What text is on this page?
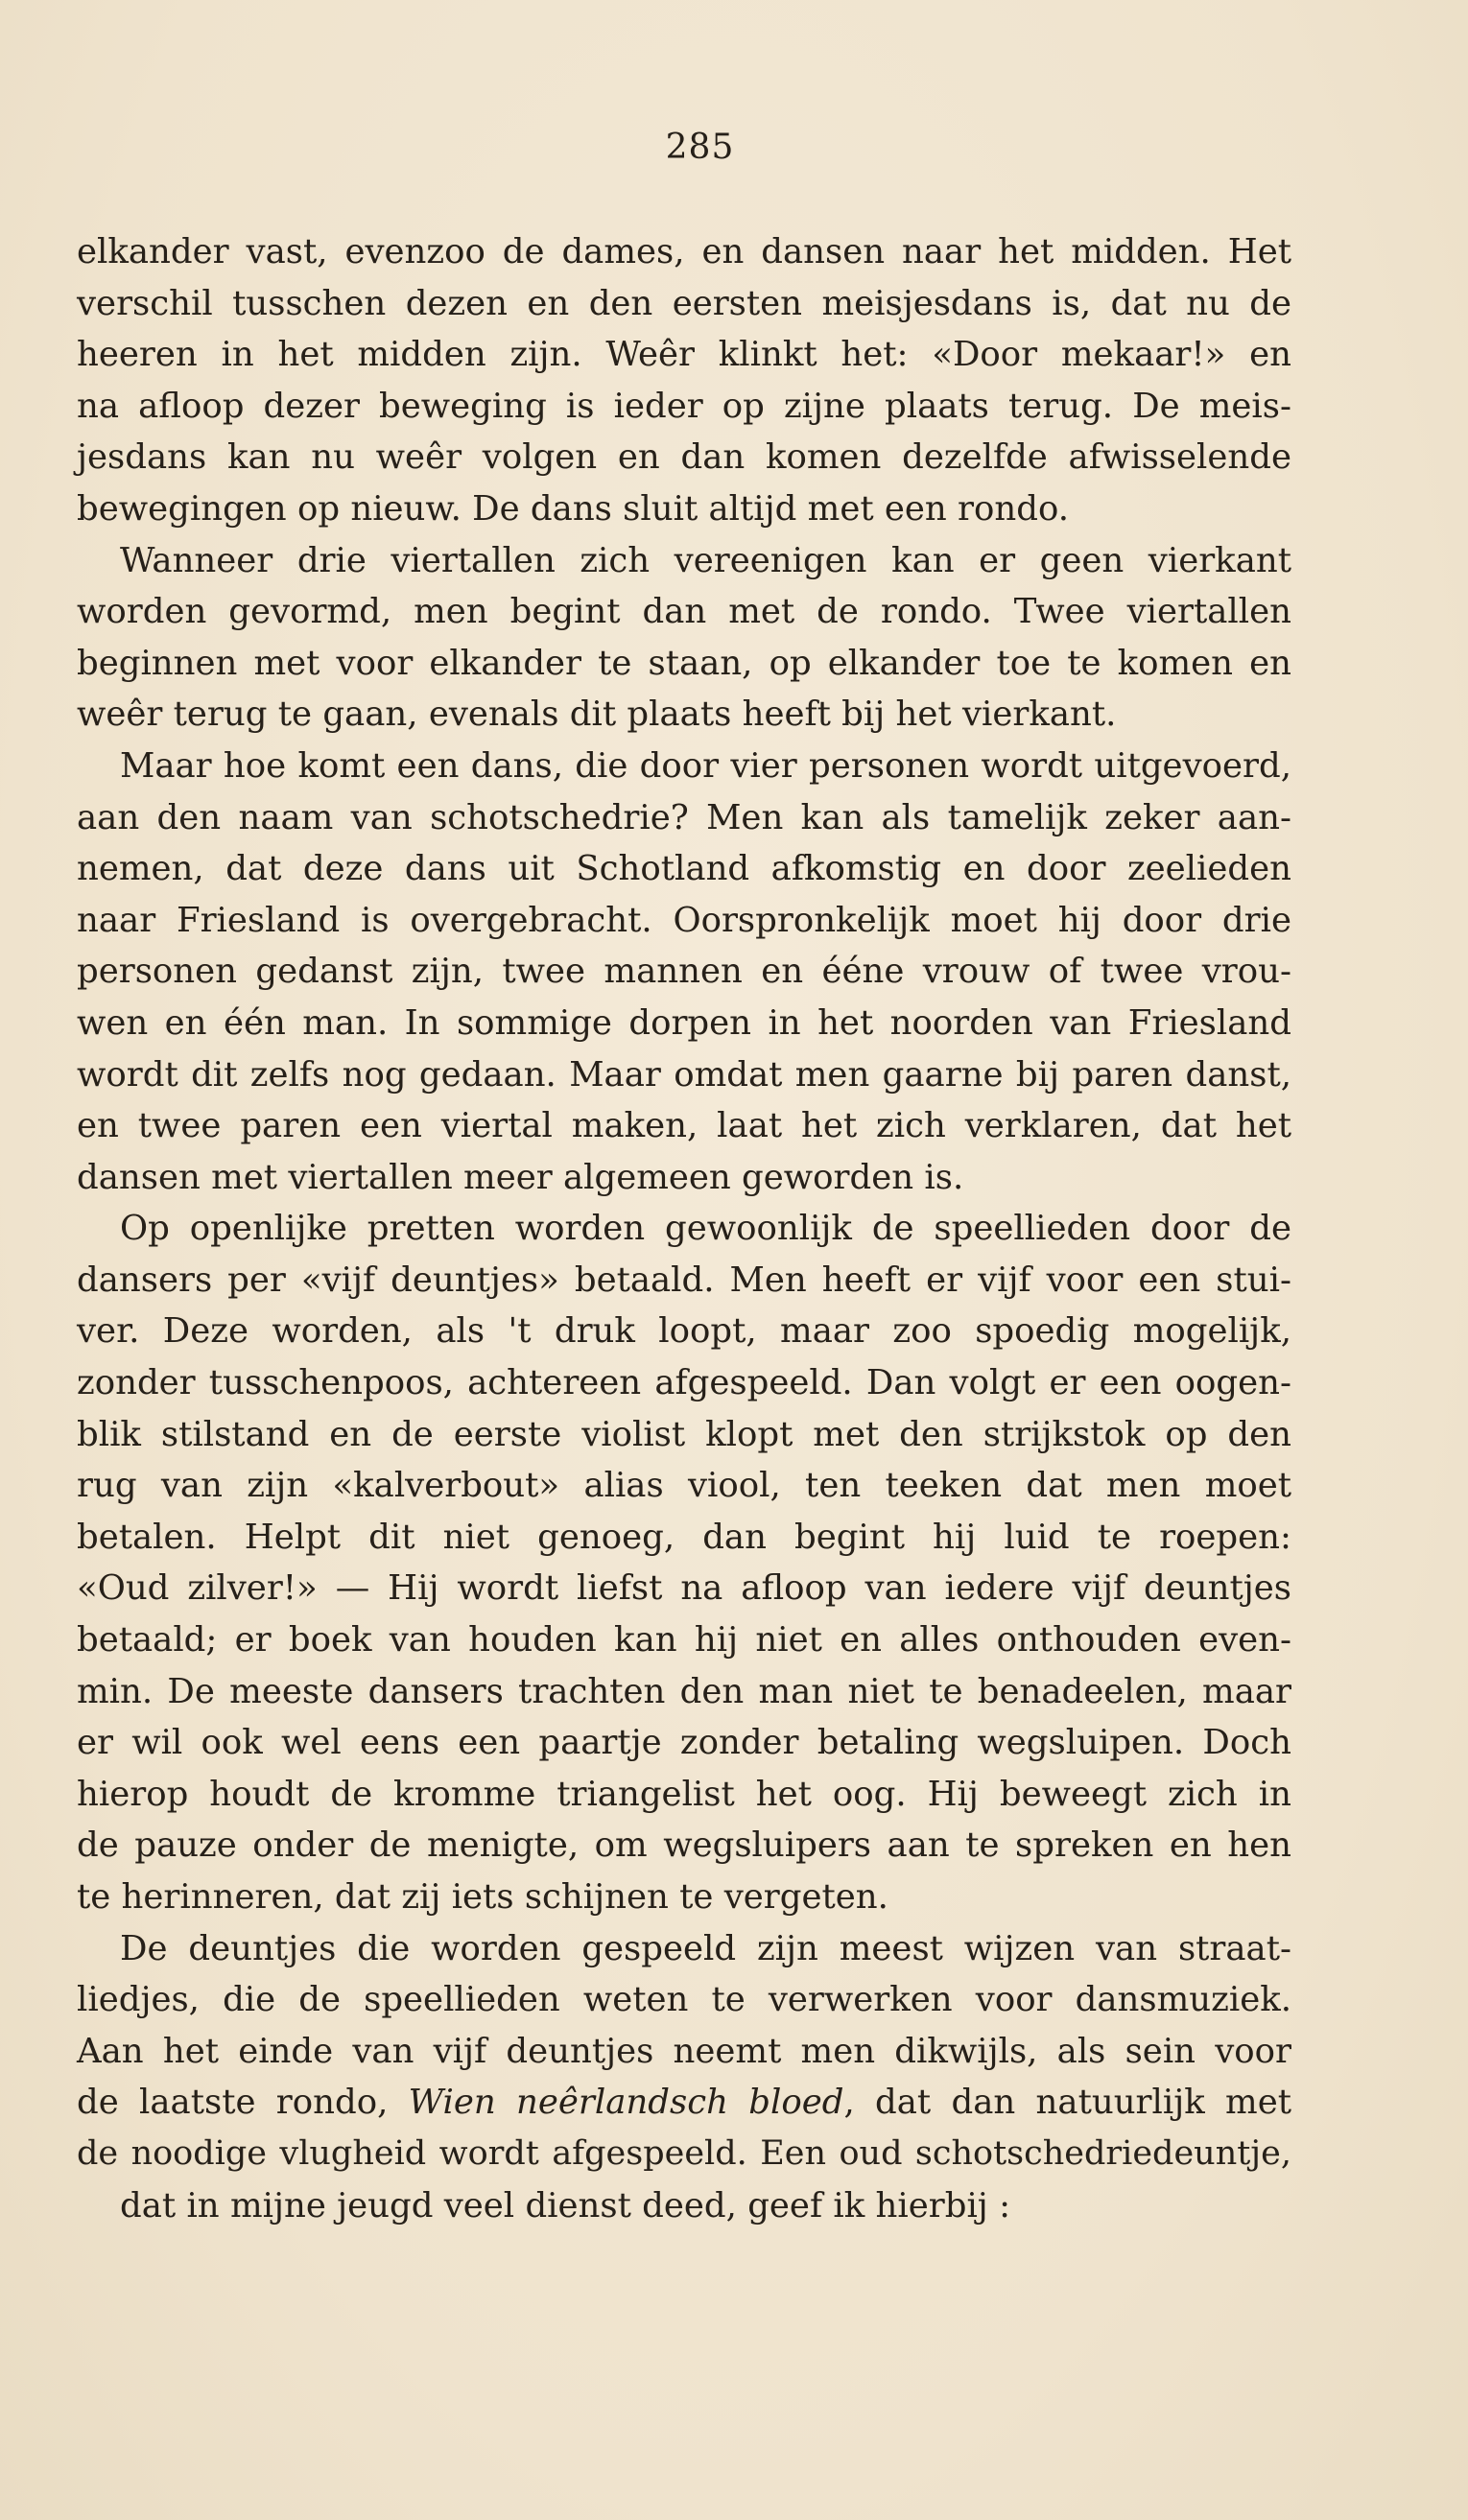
285
elkander vast, evenzoo de dames, en dansen naar het midden. Het
verschil tusschen dezen en den eersten meisjesdans is, dat nu de
heeren in het midden zijn. Weêr klinkt het: «Door mekaar!» en
na afloop dezer beweging is ieder op zijne plaats terug. De meis-
jesdans kan nu weêr volgen en dan komen dezelfde afwisselende
bewegingen op nieuw. De dans sluit altijd met een rondo.
Wanneer drie viertallen zich vereenigen kan er geen vierkant
worden gevormd, men begint dan met de rondo. Twee viertallen
beginnen met voor elkander te staan, op elkander toe te komen en
weêr terug te gaan, evenals dit plaats heeft bij het vierkant.
Maar hoe komt een dans, die door vier personen wordt uitgevoerd,
aan den naam van schotschedrie? Men kan als tamelijk zeker aan-
nemen, dat deze dans uit Schotland afkomstig en door zeelieden
naar Friesland is overgebracht. Oorspronkelijk moet hij door drie
personen gedanst zijn, twee mannen en ééne vrouw of twee vrou-
wen en één man. In sommige dorpen in het noorden van Friesland
wordt dit zelfs nog gedaan. Maar omdat men gaarne bij paren danst,
en twee paren een viertal maken, laat het zich verklaren, dat het
dansen met viertallen meer algemeen geworden is.
Op openlijke pretten worden gewoonlijk de speellieden door de
dansers per «vijf deuntjes» betaald. Men heeft er vijf voor een stui-
ver. Deze worden, als 't druk loopt, maar zoo spoedig mogelijk,
zonder tusschenpoos, achtereen afgespeeld. Dan volgt er een oogen-
blik stilstand en de eerste violist klopt met den strijkstok op den
rug van zijn «kalverbout» alias viool, ten teeken dat men moet
betalen. Helpt dit niet genoeg, dan begint hij luid te roepen:
«Oud zilver!» — Hij wordt liefst na afloop van iedere vijf deuntjes
betaald; er boek van houden kan hij niet en alles onthouden even-
min. De meeste dansers trachten den man niet te benadeelen, maar
er wil ook wel eens een paartje zonder betaling wegsluipen. Doch
hierop houdt de kromme triangelist het oog. Hij beweegt zich in
de pauze onder de menigte, om wegsluipers aan te spreken en hen
te herinneren, dat zij iets schijnen te vergeten.
De deuntjes die worden gespeeld zijn meest wijzen van straat-
liedjes, die de speellieden weten te verwerken voor dansmuziek.
Aan het einde van vijf deuntjes neemt men dikwijls, als sein voor
de laatste rondo, Wien neêrlandsch bloed, dat dan natuurlijk met
de noodige vlugheid wordt afgespeeld. Een oud schotschedriedeuntje,
dat in mijne jeugd veel dienst deed, geef ik hierbij :
